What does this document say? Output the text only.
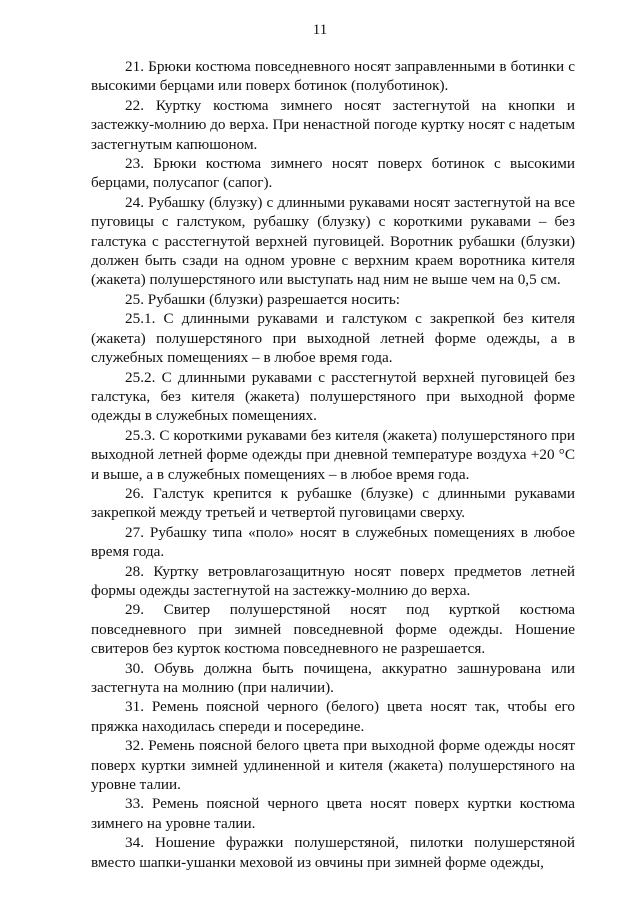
11

21. Брюки костюма повседневного носят заправленными в ботинки с высокими берцами или поверх ботинок (полуботинок).

22. Куртку костюма зимнего носят застегнутой на кнопки и застежку-молнию до верха. При ненастной погоде куртку носят с надетым застегнутым капюшоном.

23. Брюки костюма зимнего носят поверх ботинок с высокими берцами, полусапог (сапог).

24. Рубашку (блузку) с длинными рукавами носят застегнутой на все пуговицы с галстуком, рубашку (блузку) с короткими рукавами – без галстука с расстегнутой верхней пуговицей. Воротник рубашки (блузки) должен быть сзади на одном уровне с верхним краем воротника кителя (жакета) полушерстяного или выступать над ним не выше чем на 0,5 см.

25. Рубашки (блузки) разрешается носить:

25.1. С длинными рукавами и галстуком с закрепкой без кителя (жакета) полушерстяного при выходной летней форме одежды, а в служебных помещениях – в любое время года.

25.2. С длинными рукавами с расстегнутой верхней пуговицей без галстука, без кителя (жакета) полушерстяного при выходной форме одежды в служебных помещениях.

25.3. С короткими рукавами без кителя (жакета) полушерстяного при выходной летней форме одежды при дневной температуре воздуха +20 °С и выше, а в служебных помещениях – в любое время года.

26. Галстук крепится к рубашке (блузке) с длинными рукавами закрепкой между третьей и четвертой пуговицами сверху.

27. Рубашку типа «поло» носят в служебных помещениях в любое время года.

28. Куртку ветровлагозащитную носят поверх предметов летней формы одежды застегнутой на застежку-молнию до верха.

29. Свитер полушерстяной носят под курткой костюма повседневного при зимней повседневной форме одежды. Ношение свитеров без курток костюма повседневного не разрешается.

30. Обувь должна быть почищена, аккуратно зашнурована или застегнута на молнию (при наличии).

31. Ремень поясной черного (белого) цвета носят так, чтобы его пряжка находилась спереди и посередине.

32. Ремень поясной белого цвета при выходной форме одежды носят поверх куртки зимней удлиненной и кителя (жакета) полушерстяного на уровне талии.

33. Ремень поясной черного цвета носят поверх куртки костюма зимнего на уровне талии.

34. Ношение фуражки полушерстяной, пилотки полушерстяной вместо шапки-ушанки меховой из овчины при зимней форме одежды,
